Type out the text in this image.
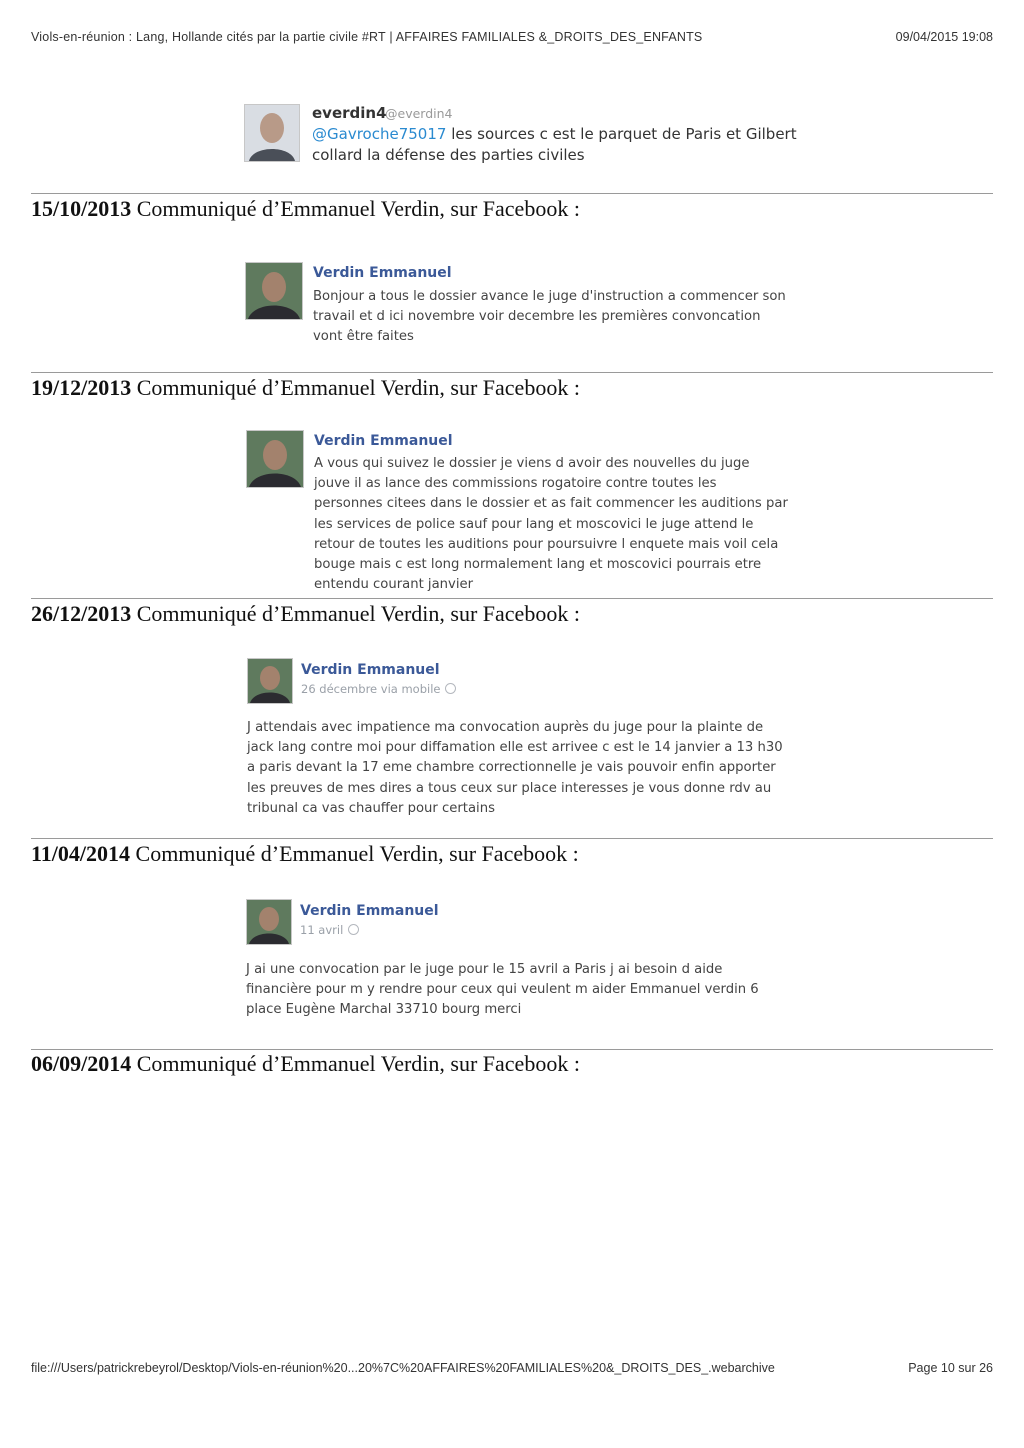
Viols-en-réunion : Lang, Hollande cités par la partie civile #RT | AFFAIRES FAMILIALES &_DROITS_DES_ENFANTS	09/04/2015 19:08
everdin4
@everdin4
@Gavroche75017 les sources c est le parquet de Paris et Gilbert collard la défense des parties civiles
15/10/2013 Communiqué d’Emmanuel Verdin, sur Facebook :
Verdin Emmanuel
Bonjour a tous le dossier avance le juge d'instruction a commencer son travail et d ici novembre voir decembre les premières convoncation vont être faites
19/12/2013 Communiqué d’Emmanuel Verdin, sur Facebook :
Verdin Emmanuel
A vous qui suivez le dossier je viens d avoir des nouvelles du juge jouve il as lance des commissions rogatoire contre toutes les personnes citees dans le dossier et as fait commencer les auditions par les services de police sauf pour lang et moscovici le juge attend le retour de toutes les auditions pour poursuivre l enquete mais voil cela bouge mais c est long normalement lang et moscovici pourrais etre entendu courant janvier
26/12/2013 Communiqué d’Emmanuel Verdin, sur Facebook :
Verdin Emmanuel
26 décembre via mobile
J attendais avec impatience ma convocation auprès du juge pour la plainte de jack lang contre moi pour diffamation elle est arrivee c est le 14 janvier a 13 h30 a paris devant la 17 eme chambre correctionnelle je vais pouvoir enfin apporter les preuves de mes dires a tous ceux sur place interesses je vous donne rdv au tribunal ca vas chauffer pour certains
11/04/2014 Communiqué d’Emmanuel Verdin, sur Facebook :
Verdin Emmanuel
11 avril
J ai une convocation par le juge pour le 15 avril a Paris j ai besoin d aide financière pour m y rendre pour ceux qui veulent m aider Emmanuel verdin 6 place Eugène Marchal 33710 bourg merci
06/09/2014 Communiqué d’Emmanuel Verdin, sur Facebook :
file:///Users/patrickrebeyrol/Desktop/Viols-en-réunion%20...20%7C%20AFFAIRES%20FAMILIALES%20&_DROITS_DES_.webarchive	Page 10 sur 26
